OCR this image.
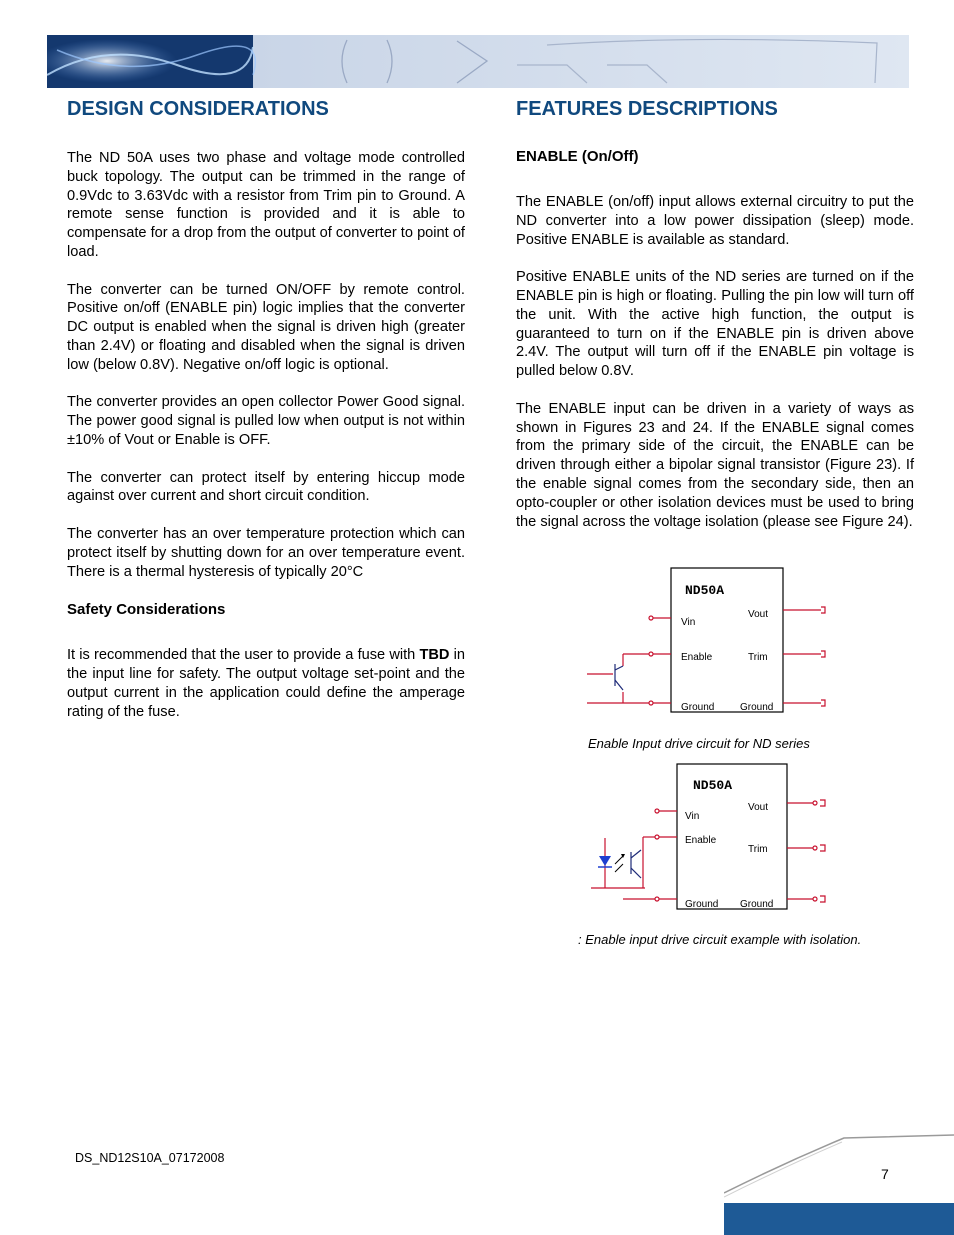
DESIGN CONSIDERATIONS

The ND 50A uses two phase and voltage mode controlled buck topology. The output can be trimmed in the range of 0.9Vdc to 3.63Vdc with a resistor from Trim pin to Ground. A remote sense function is provided and it is able to compensate for a drop from the output of converter to point of load.

The converter can be turned ON/OFF by remote control. Positive on/off (ENABLE pin) logic implies that the converter DC output is enabled when the signal is driven high (greater than 2.4V) or floating and disabled when the signal is driven low (below 0.8V). Negative on/off logic is optional.

The converter provides an open collector Power Good signal. The power good signal is pulled low when output is not within ±10% of Vout or Enable is OFF.

The converter can protect itself by entering hiccup mode against over current and short circuit condition.

The converter has an over temperature protection which can protect itself by shutting down for an over temperature event. There is a thermal hysteresis of typically 20°C

Safety Considerations

It is recommended that the user to provide a fuse with TBD in the input line for safety. The output voltage set-point and the output current in the application could define the amperage rating of the fuse.

FEATURES DESCRIPTIONS
ENABLE (On/Off)

The ENABLE (on/off) input allows external circuitry to put the ND converter into a low power dissipation (sleep) mode. Positive ENABLE is available as standard.

Positive ENABLE units of the ND series are turned on if the ENABLE pin is high or floating. Pulling the pin low will turn off the unit. With the active high function, the output is guaranteed to turn on if the ENABLE pin is driven above 2.4V. The output will turn off if the ENABLE pin voltage is pulled below 0.8V.

The ENABLE input can be driven in a variety of ways as shown in Figures 23 and 24. If the ENABLE signal comes from the primary side of the circuit, the ENABLE can be driven through either a bipolar signal transistor (Figure 23). If the enable signal comes from the secondary side, then an opto-coupler or other isolation devices must be used to bring the signal across the voltage isolation (please see Figure 24).

ND50A
Vin
Enable
Ground
Vout
Trim
Ground
Enable Input drive circuit for ND series
ND50A
Vin
Enable
Ground
Vout
Trim
Ground
: Enable input drive circuit example with isolation.
DS_ND12S10A_07172008
7
